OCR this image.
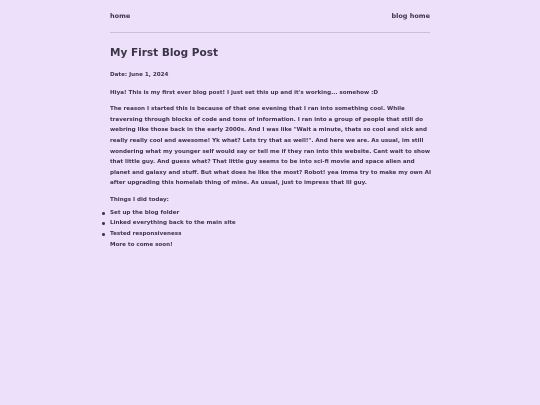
home	blog home
My First Blog Post

Date: June 1, 2024

Hiya! This is my first ever blog post! I just set this up and it's working... somehow :D

The reason I started this is because of that one evening that I ran into something cool. While traversing through blocks of code and tons of information. I ran into a group of people that still do webring like those back in the early 2000s. And I was like "Wait a minute, thats so cool and sick and really really cool and awesome! Yk what? Lets try that as well!". And here we are. As usual, im still wondering what my younger self would say or tell me if they ran into this website. Cant wait to show that little guy. And guess what? That little guy seems to be into sci-fi movie and space alien and planet and galaxy and stuff. But what does he like the most? Robot! yea imma try to make my own AI after upgrading this homelab thing of mine. As usual, just to impress that lil guy.

Things I did today:

Set up the blog folder
Linked everything back to the main site
Tested responsiveness
More to come soon!
